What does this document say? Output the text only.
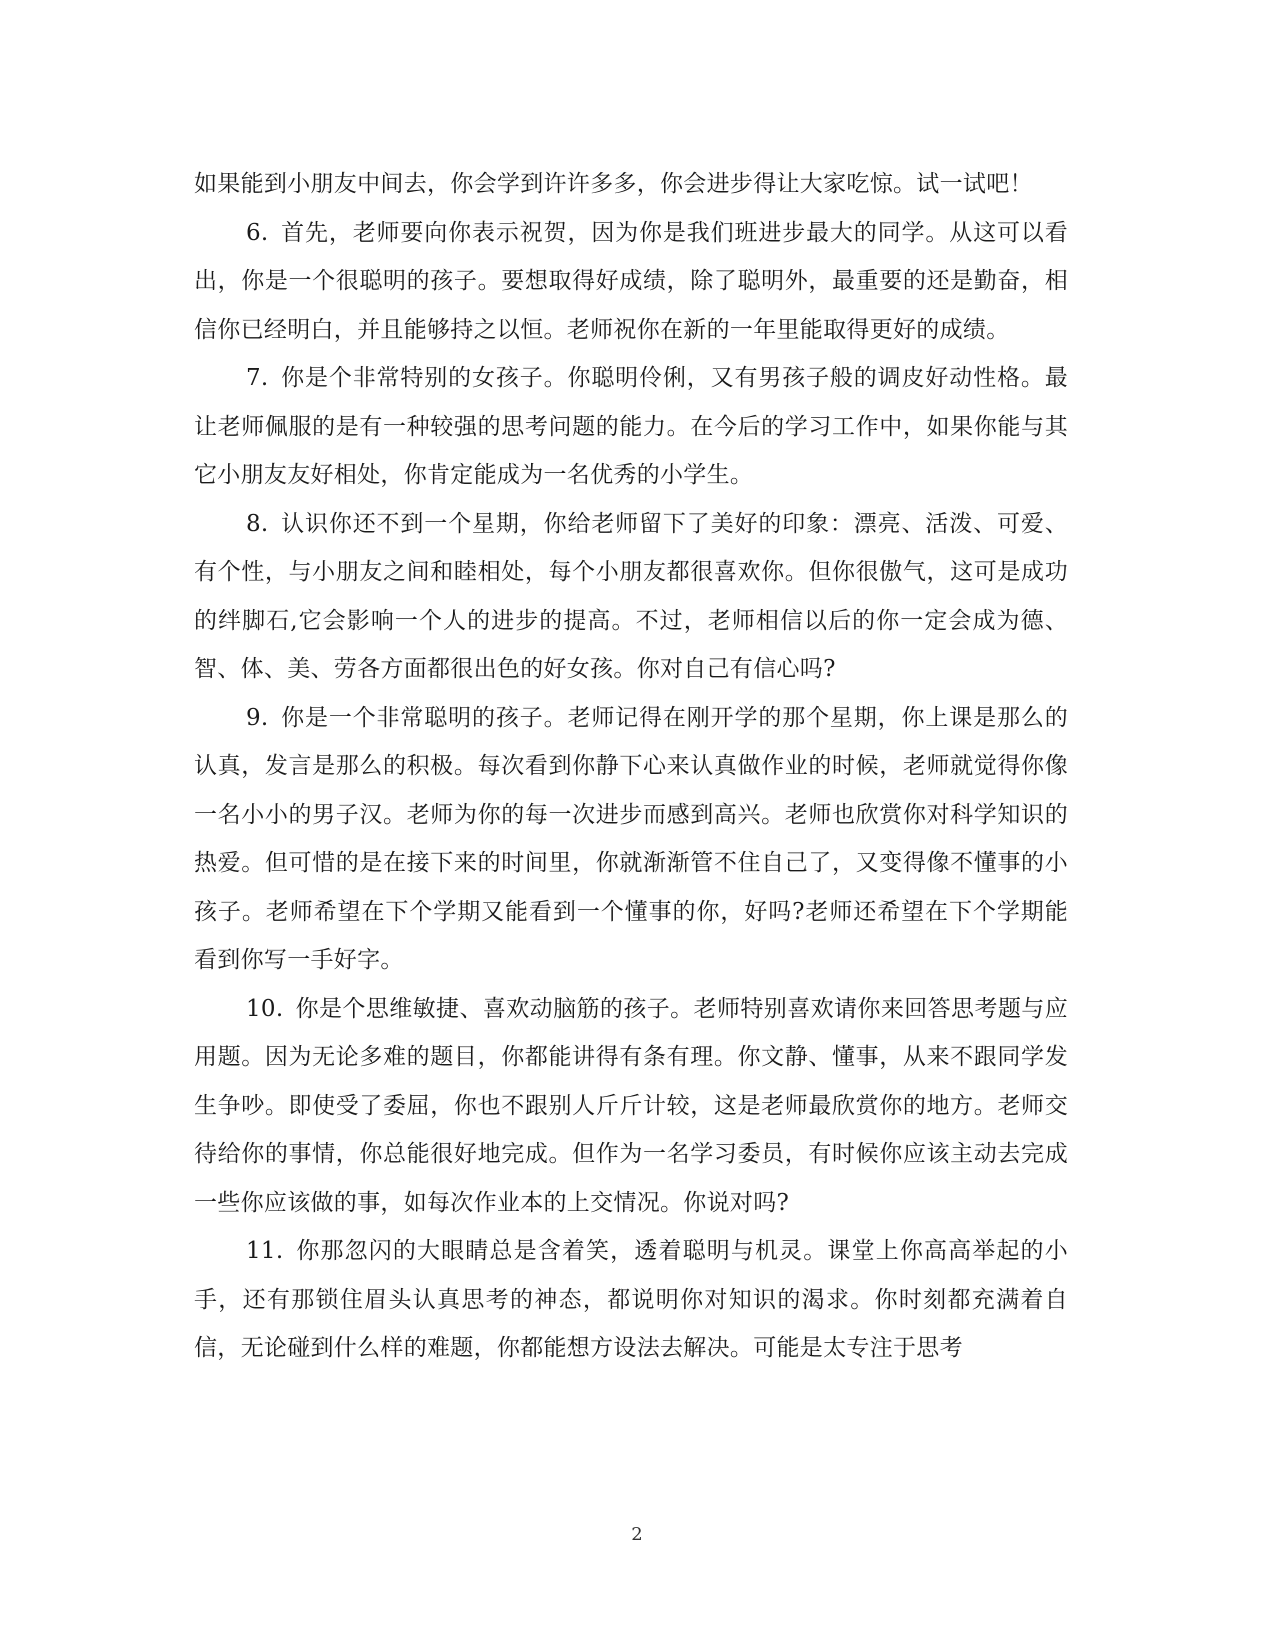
如果能到小朋友中间去，你会学到许许多多，你会进步得让大家吃惊。试一试吧！

6. 首先，老师要向你表示祝贺，因为你是我们班进步最大的同学。从这可以看出，你是一个很聪明的孩子。要想取得好成绩，除了聪明外，最重要的还是勤奋，相信你已经明白，并且能够持之以恒。老师祝你在新的一年里能取得更好的成绩。

7. 你是个非常特别的女孩子。你聪明伶俐，又有男孩子般的调皮好动性格。最让老师佩服的是有一种较强的思考问题的能力。在今后的学习工作中，如果你能与其它小朋友友好相处，你肯定能成为一名优秀的小学生。

8. 认识你还不到一个星期，你给老师留下了美好的印象：漂亮、活泼、可爱、有个性，与小朋友之间和睦相处，每个小朋友都很喜欢你。但你很傲气，这可是成功的绊脚石,它会影响一个人的进步的提高。不过，老师相信以后的你一定会成为德、智、体、美、劳各方面都很出色的好女孩。你对自己有信心吗?

9. 你是一个非常聪明的孩子。老师记得在刚开学的那个星期，你上课是那么的认真，发言是那么的积极。每次看到你静下心来认真做作业的时候，老师就觉得你像一名小小的男子汉。老师为你的每一次进步而感到高兴。老师也欣赏你对科学知识的热爱。但可惜的是在接下来的时间里，你就渐渐管不住自己了，又变得像不懂事的小孩子。老师希望在下个学期又能看到一个懂事的你，好吗?老师还希望在下个学期能看到你写一手好字。

10. 你是个思维敏捷、喜欢动脑筋的孩子。老师特别喜欢请你来回答思考题与应用题。因为无论多难的题目，你都能讲得有条有理。你文静、懂事，从来不跟同学发生争吵。即使受了委屈，你也不跟别人斤斤计较，这是老师最欣赏你的地方。老师交待给你的事情，你总能很好地完成。但作为一名学习委员，有时候你应该主动去完成一些你应该做的事，如每次作业本的上交情况。你说对吗?

11. 你那忽闪的大眼睛总是含着笑，透着聪明与机灵。课堂上你高高举起的小手，还有那锁住眉头认真思考的神态，都说明你对知识的渴求。你时刻都充满着自信，无论碰到什么样的难题，你都能想方设法去解决。可能是太专注于思考

2
